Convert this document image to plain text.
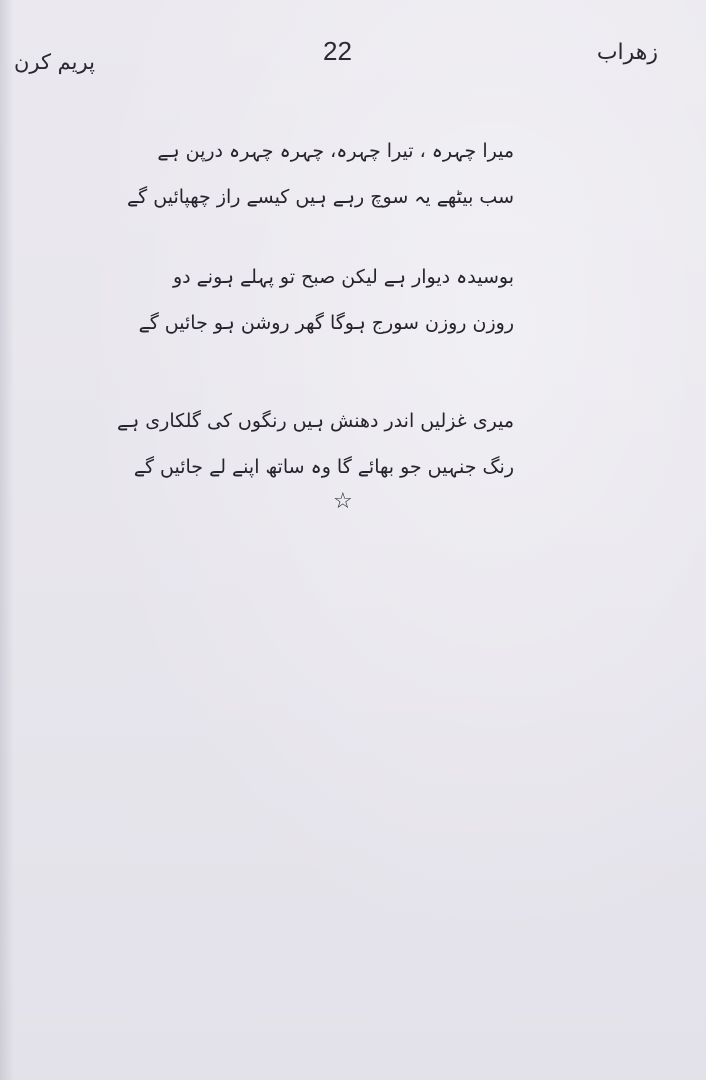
پریم کرن	22	زهراب
میرا چہرہ ، تیرا چہرہ، چہرہ چہرہ درپن ہے
سب بیٹھے یہ سوچ رہے ہیں کیسے راز چھپائیں گے
بوسیدہ دیوار ہے لیکن صبح تو پہلے ہونے دو
روزن روزن سورج ہوگا گھر روشن ہو جائیں گے
میری غزلیں اندر دھنش ہیں رنگوں کی گلکاری ہے
رنگ جنہیں جو بھائے گا وہ ساتھ اپنے لے جائیں گے
☆
